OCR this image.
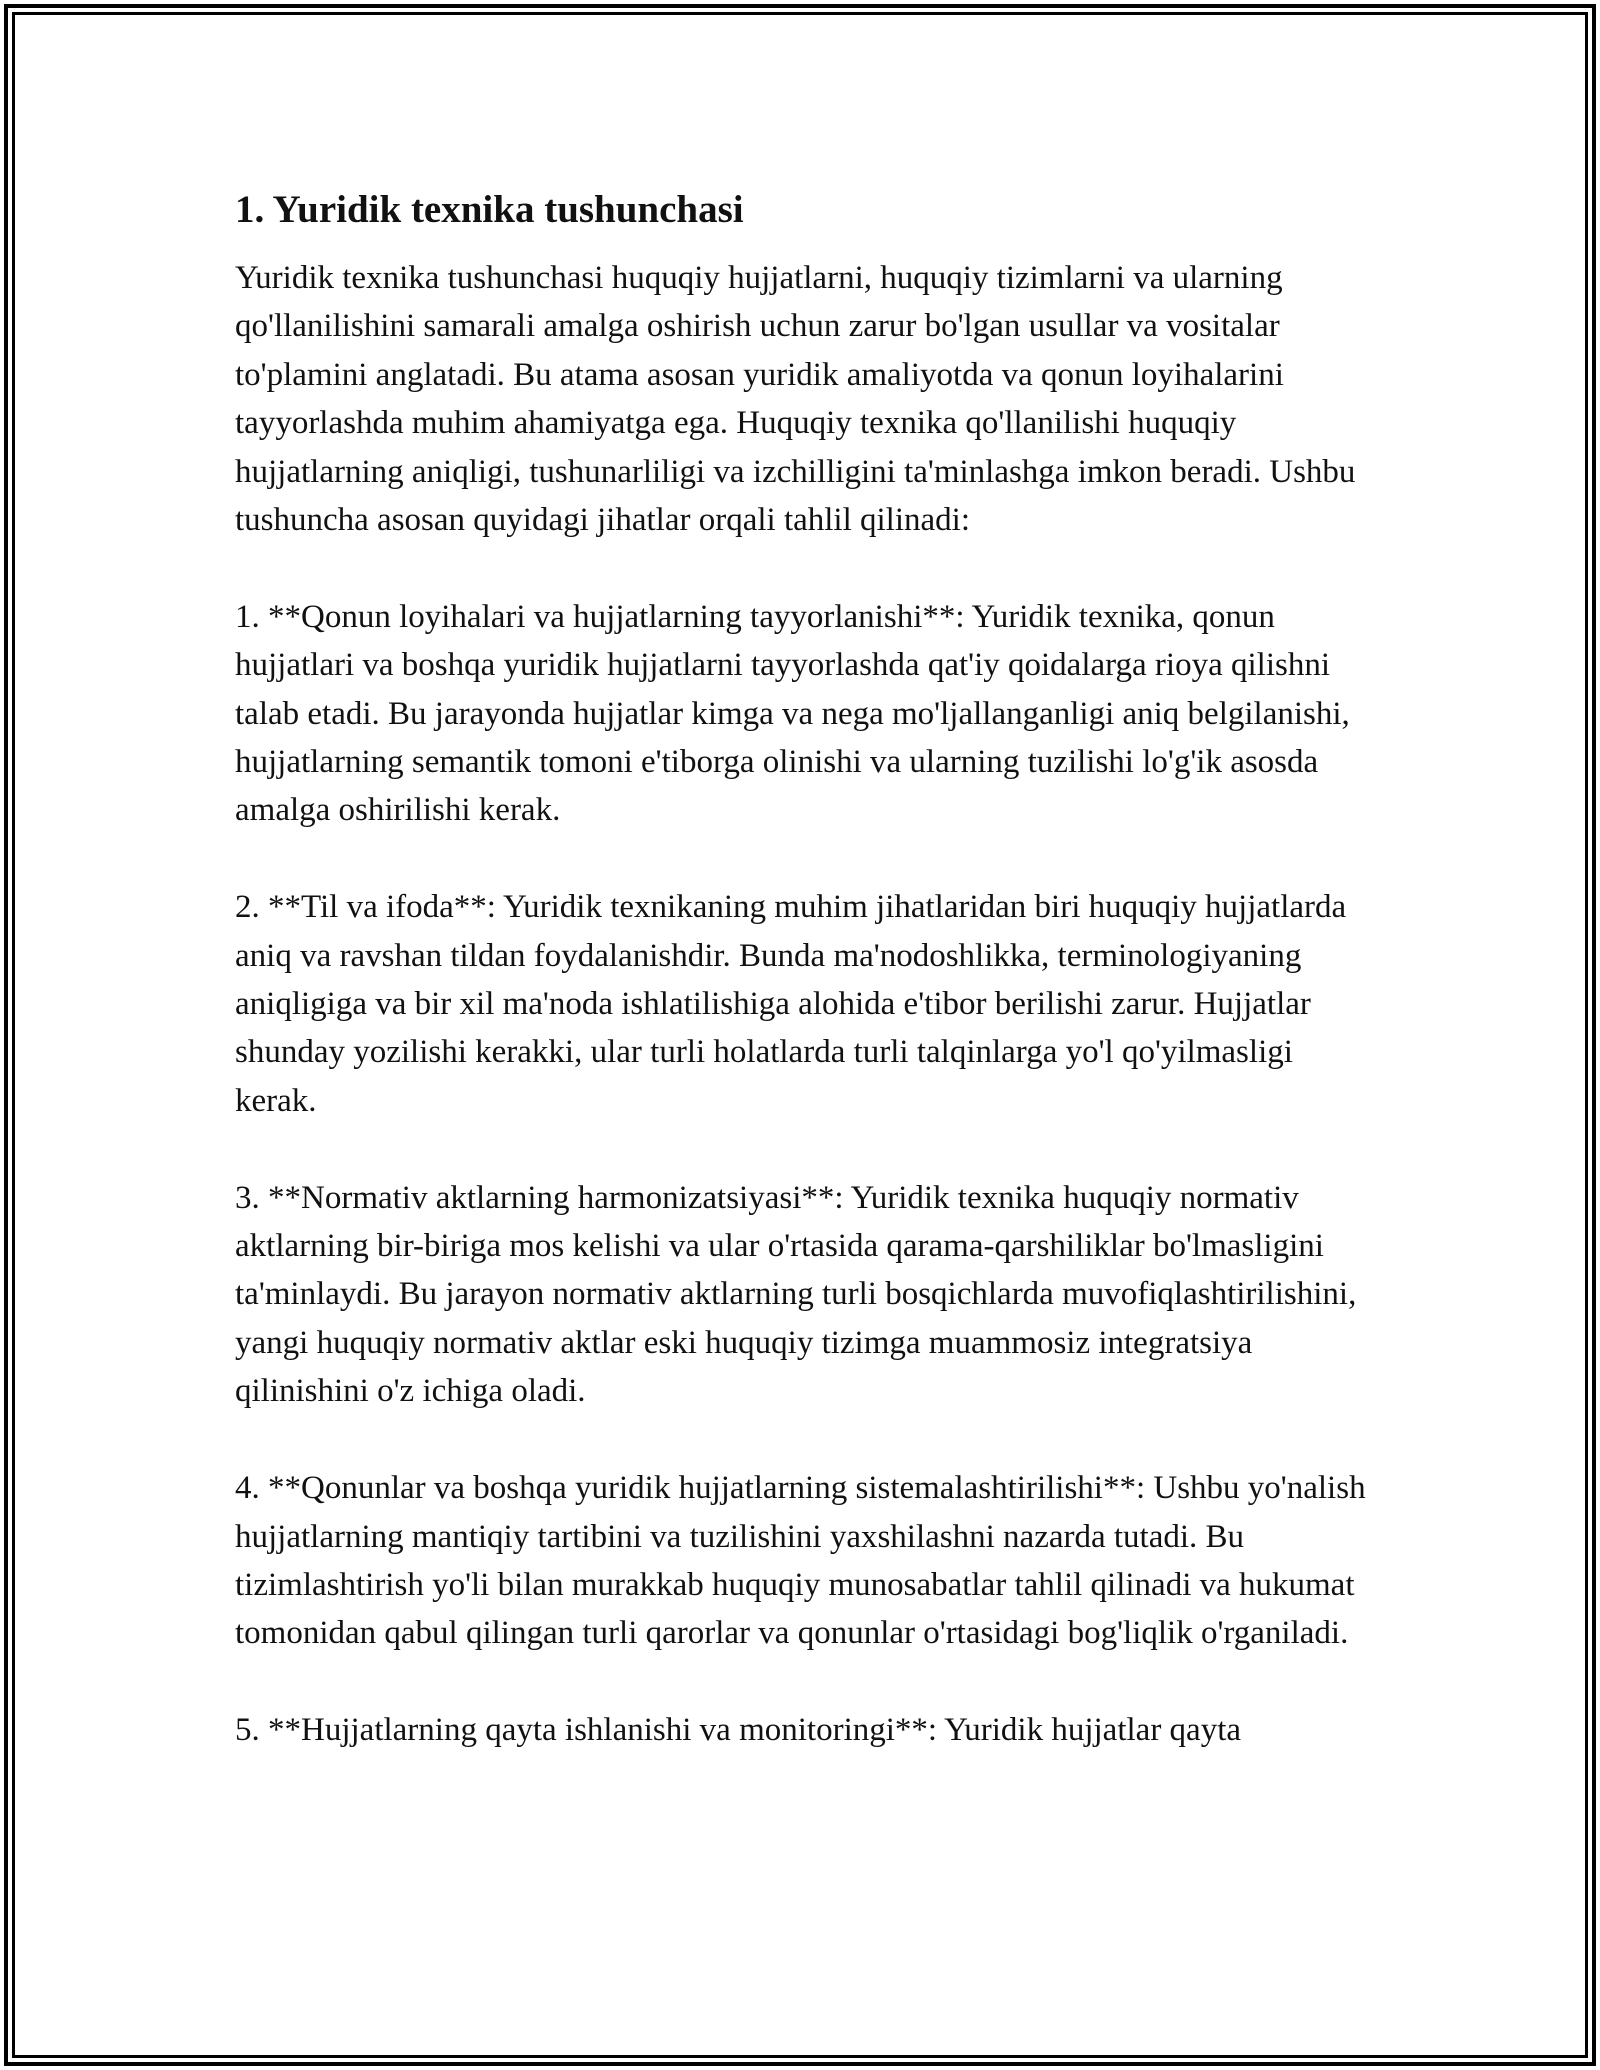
1. Yuridik texnika tushunchasi

Yuridik texnika tushunchasi huquqiy hujjatlarni, huquqiy tizimlarni va ularning qo'llanilishini samarali amalga oshirish uchun zarur bo'lgan usullar va vositalar to'plamini anglatadi. Bu atama asosan yuridik amaliyotda va qonun loyihalarini tayyorlashda muhim ahamiyatga ega. Huquqiy texnika qo'llanilishi huquqiy hujjatlarning aniqligi, tushunarliligi va izchilligini ta'minlashga imkon beradi. Ushbu tushuncha asosan quyidagi jihatlar orqali tahlil qilinadi:

1. **Qonun loyihalari va hujjatlarning tayyorlanishi**: Yuridik texnika, qonun hujjatlari va boshqa yuridik hujjatlarni tayyorlashda qat'iy qoidalarga rioya qilishni talab etadi. Bu jarayonda hujjatlar kimga va nega mo'ljallanganligi aniq belgilanishi, hujjatlarning semantik tomoni e'tiborga olinishi va ularning tuzilishi lo'g'ik asosda amalga oshirilishi kerak.

2. **Til va ifoda**: Yuridik texnikaning muhim jihatlaridan biri huquqiy hujjatlarda aniq va ravshan tildan foydalanishdir. Bunda ma'nodoshlikka, terminologiyaning aniqligiga va bir xil ma'noda ishlatilishiga alohida e'tibor berilishi zarur. Hujjatlar shunday yozilishi kerakki, ular turli holatlarda turli talqinlarga yo'l qo'yilmasligi kerak.

3. **Normativ aktlarning harmonizatsiyasi**: Yuridik texnika huquqiy normativ aktlarning bir-biriga mos kelishi va ular o'rtasida qarama-qarshiliklar bo'lmasligini ta'minlaydi. Bu jarayon normativ aktlarning turli bosqichlarda muvofiqlashtirilishini, yangi huquqiy normativ aktlar eski huquqiy tizimga muammosiz integratsiya qilinishini o'z ichiga oladi.

4. **Qonunlar va boshqa yuridik hujjatlarning sistemalashtirilishi**: Ushbu yo'nalish hujjatlarning mantiqiy tartibini va tuzilishini yaxshilashni nazarda tutadi. Bu tizimlashtirish yo'li bilan murakkab huquqiy munosabatlar tahlil qilinadi va hukumat tomonidan qabul qilingan turli qarorlar va qonunlar o'rtasidagi bog'liqlik o'rganiladi.

5. **Hujjatlarning qayta ishlanishi va monitoringi**: Yuridik hujjatlar qayta
